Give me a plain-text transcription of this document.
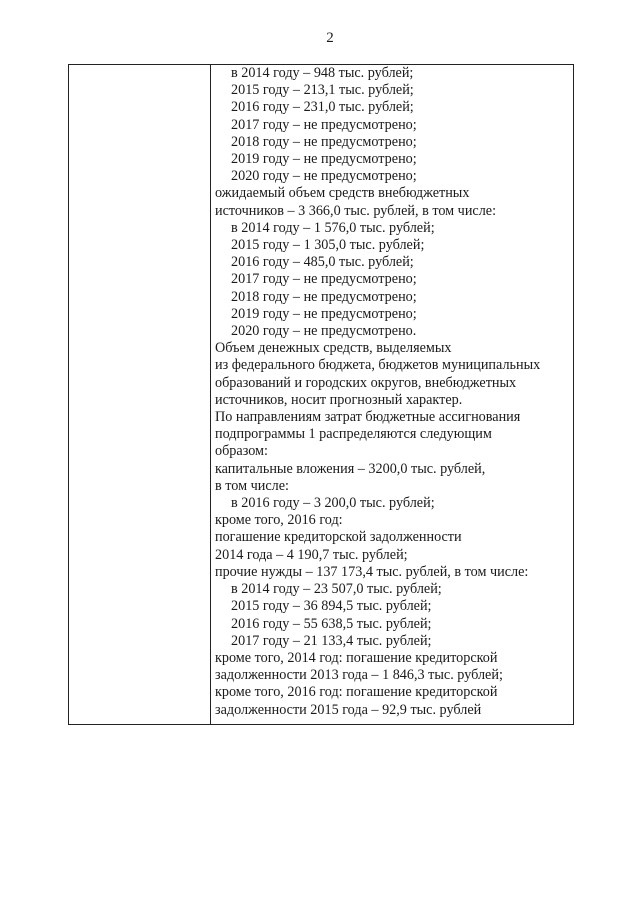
2
в 2014 году – 948 тыс. рублей;
2015 году – 213,1 тыс. рублей;
2016 году – 231,0 тыс. рублей;
2017 году – не предусмотрено;
2018 году – не предусмотрено;
2019 году – не предусмотрено;
2020 году – не предусмотрено;
ожидаемый объем средств внебюджетных
источников – 3 366,0 тыс. рублей, в том числе:
в 2014 году – 1 576,0 тыс. рублей;
2015 году – 1 305,0 тыс. рублей;
2016 году – 485,0 тыс. рублей;
2017 году – не предусмотрено;
2018 году – не предусмотрено;
2019 году – не предусмотрено;
2020 году – не предусмотрено.
Объем денежных средств, выделяемых
из федерального бюджета, бюджетов муниципальных
образований и городских округов, внебюджетных
источников, носит прогнозный характер.
По направлениям затрат бюджетные ассигнования
подпрограммы 1 распределяются следующим
образом:
капитальные вложения – 3200,0 тыс. рублей,
в том числе:
в 2016 году – 3 200,0 тыс. рублей;
кроме того, 2016 год:
погашение кредиторской задолженности
2014 года – 4 190,7 тыс. рублей;
прочие нужды – 137 173,4 тыс. рублей, в том числе:
в 2014 году – 23 507,0 тыс. рублей;
2015 году – 36 894,5 тыс. рублей;
2016 году – 55 638,5 тыс. рублей;
2017 году – 21 133,4 тыс. рублей;
кроме того, 2014 год: погашение кредиторской
задолженности 2013 года – 1 846,3 тыс. рублей;
кроме того, 2016 год: погашение кредиторской
задолженности 2015 года – 92,9 тыс. рублей
